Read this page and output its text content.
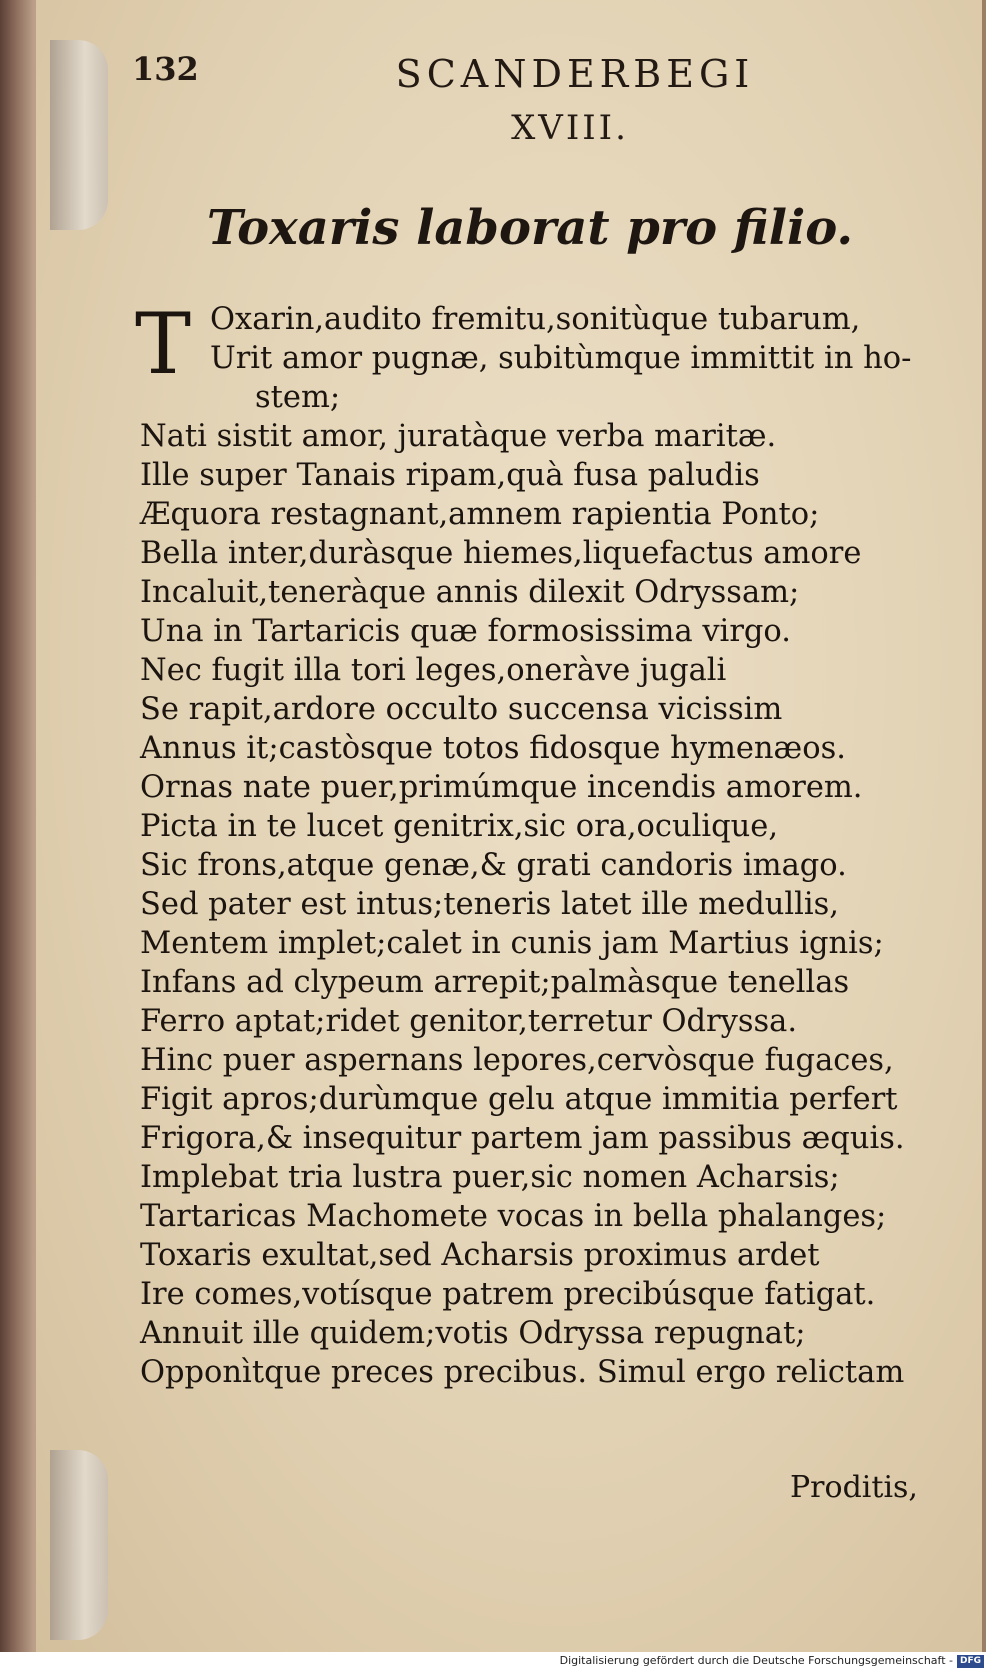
132	SCANDERBEGI
XVIII.
Toxaris laborat pro filio.
T Oxarin,audito fremitu,sonitùque tubarum,
Urit amor pugnæ, subitùmque immittit in ho-
stem;
Nati sistit amor, juratàque verba maritæ.
Ille super Tanais ripam,quà fusa paludis
Æquora restagnant,amnem rapientia Ponto;
Bella inter,duràsque hiemes,liquefactus amore
Incaluit,teneràque annis dilexit Odryssam;
Una in Tartaricis quæ formosissima virgo.
Nec fugit illa tori leges,oneràve jugali
Se rapit,ardore occulto succensa vicissim
Annus it;castòsque totos fidosque hymenæos.
Ornas nate puer,primúmque incendis amorem.
Picta in te lucet genitrix,sic ora,oculique,
Sic frons,atque genæ,& grati candoris imago.
Sed pater est intus;teneris latet ille medullis,
Mentem implet;calet in cunis jam Martius ignis;
Infans ad clypeum arrepit;palmàsque tenellas
Ferro aptat;ridet genitor,terretur Odryssa.
Hinc puer aspernans lepores,cervòsque fugaces,
Figit apros;durùmque gelu atque immitia perfert
Frigora,& insequitur partem jam passibus æquis.
Implebat tria lustra puer,sic nomen Acharsis;
Tartaricas Machomete vocas in bella phalanges;
Toxaris exultat,sed Acharsis proximus ardet
Ire comes,votísque patrem precibúsque fatigat.
Annuit ille quidem;votis Odryssa repugnat;
Opponìtque preces precibus. Simul ergo relictam
Proditis,
Digitalisierung gefördert durch die Deutsche Forschungsgemeinschaft - DFG
